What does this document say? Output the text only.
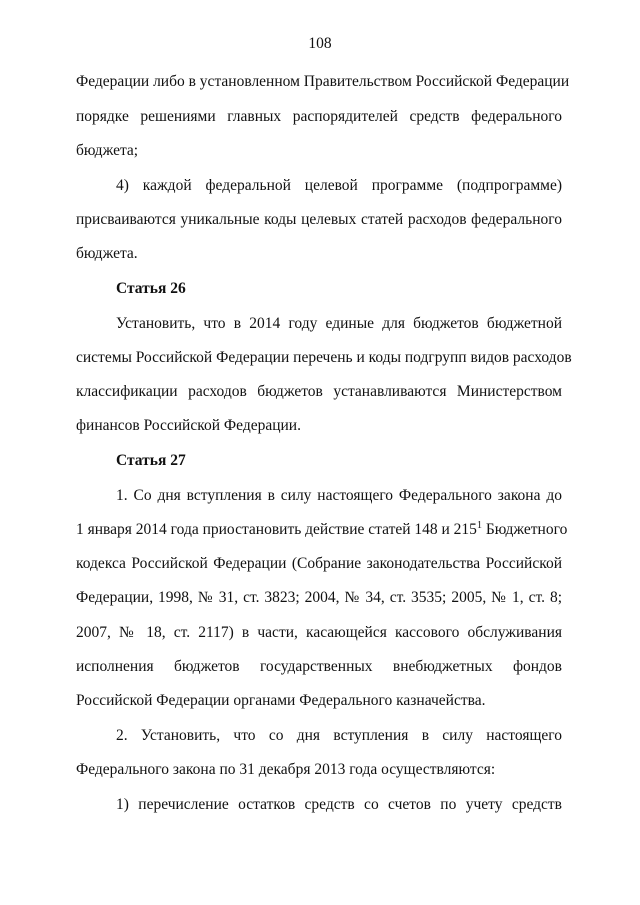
108
Федерации либо в установленном Правительством Российской Федерации
порядке решениями главных распорядителей средств федерального
бюджета;
4) каждой федеральной целевой программе (подпрограмме)
присваиваются уникальные коды целевых статей расходов федерального
бюджета.
Статья 26
Установить, что в 2014 году единые для бюджетов бюджетной
системы Российской Федерации перечень и коды подгрупп видов расходов
классификации расходов бюджетов устанавливаются Министерством
финансов Российской Федерации.
Статья 27
1. Со дня вступления в силу настоящего Федерального закона до
1 января 2014 года приостановить действие статей 148 и $215^1$ Бюджетного
кодекса Российской Федерации (Собрание законодательства Российской
Федерации, 1998, № 31, ст. 3823; 2004, № 34, ст. 3535; 2005, № 1, ст. 8;
2007, № 18, ст. 2117) в части, касающейся кассового обслуживания
исполнения бюджетов государственных внебюджетных фондов
Российской Федерации органами Федерального казначейства.
2. Установить, что со дня вступления в силу настоящего
Федерального закона по 31 декабря 2013 года осуществляются:
1) перечисление остатков средств со счетов по учету средств
